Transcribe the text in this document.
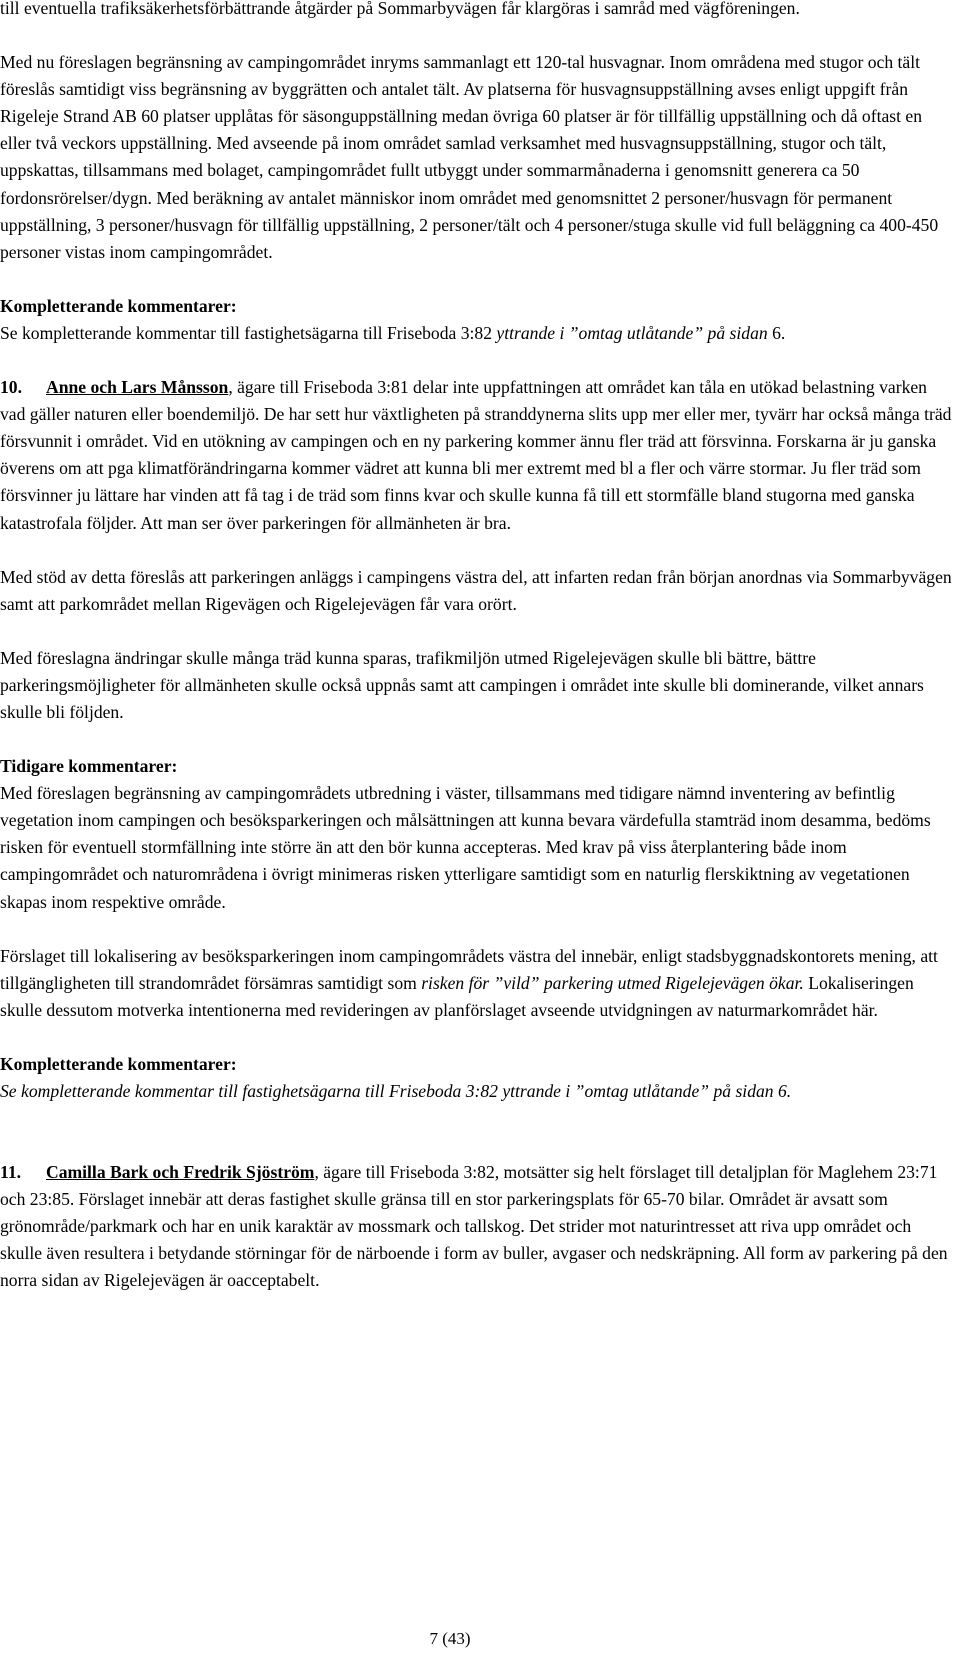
till eventuella trafiksäkerhetsförbättrande åtgärder på Sommarbyvägen får klargöras i samråd med vägföreningen.

Med nu föreslagen begränsning av campingområdet inryms sammanlagt ett 120-tal husvagnar. Inom områdena med stugor och tält föreslås samtidigt viss begränsning av byggrätten och antalet tält. Av platserna för husvagnsuppställning avses enligt uppgift från Rigeleje Strand AB 60 platser upplåtas för säsonguppställning medan övriga 60 platser är för tillfällig uppställning och då oftast en eller två veckors uppställning. Med avseende på inom området samlad verksamhet med husvagnsuppställning, stugor och tält, uppskattas, tillsammans med bolaget, campingområdet fullt utbyggt under sommarmånaderna i genomsnitt generera ca 50 fordonsrörelser/dygn. Med beräkning av antalet människor inom området med genomsnittet 2 personer/husvagn för permanent uppställning, 3 personer/husvagn för tillfällig uppställning, 2 personer/tält och 4 personer/stuga skulle vid full beläggning ca 400-450 personer vistas inom campingområdet.

Kompletterande kommentarer:

Se kompletterande kommentar till fastighetsägarna till Friseboda 3:82 yttrande i ”omtag utlåtande” på sidan 6.

10. Anne och Lars Månsson, ägare till Friseboda 3:81 delar inte uppfattningen att området kan tåla en utökad belastning varken vad gäller naturen eller boendemiljö. De har sett hur växtligheten på stranddynerna slits upp mer eller mer, tyvärr har också många träd försvunnit i området. Vid en utökning av campingen och en ny parkering kommer ännu fler träd att försvinna. Forskarna är ju ganska överens om att pga klimatförändringarna kommer vädret att kunna bli mer extremt med bl a fler och värre stormar. Ju fler träd som försvinner ju lättare har vinden att få tag i de träd som finns kvar och skulle kunna få till ett stormfälle bland stugorna med ganska katastrofala följder. Att man ser över parkeringen för allmänheten är bra.

Med stöd av detta föreslås att parkeringen anläggs i campingens västra del, att infarten redan från början anordnas via Sommarbyvägen samt att parkområdet mellan Rigevägen och Rigelejevägen får vara orört.

Med föreslagna ändringar skulle många träd kunna sparas, trafikmiljön utmed Rigelejevägen skulle bli bättre, bättre parkeringsmöjligheter för allmänheten skulle också uppnås samt att campingen i området inte skulle bli dominerande, vilket annars skulle bli följden.

Tidigare kommentarer:

Med föreslagen begränsning av campingområdets utbredning i väster, tillsammans med tidigare nämnd inventering av befintlig vegetation inom campingen och besöksparkeringen och målsättningen att kunna bevara värdefulla stamträd inom desamma, bedöms risken för eventuell stormfällning inte större än att den bör kunna accepteras. Med krav på viss återplantering både inom campingområdet och naturområdena i övrigt minimeras risken ytterligare samtidigt som en naturlig flerskiktning av vegetationen skapas inom respektive område.

Förslaget till lokalisering av besöksparkeringen inom campingområdets västra del innebär, enligt stadsbyggnadskontorets mening, att tillgängligheten till strandområdet försämras samtidigt som risken för ”vild” parkering utmed Rigelejevägen ökar. Lokaliseringen skulle dessutom motverka intentionerna med revideringen av planförslaget avseende utvidgningen av naturmarkområdet här.

Kompletterande kommentarer:

Se kompletterande kommentar till fastighetsägarna till Friseboda 3:82 yttrande i ”omtag utlåtande” på sidan 6.

11. Camilla Bark och Fredrik Sjöström, ägare till Friseboda 3:82, motsätter sig helt förslaget till detaljplan för Maglehem 23:71 och 23:85. Förslaget innebär att deras fastighet skulle gränsa till en stor parkeringsplats för 65-70 bilar. Området är avsatt som grönområde/parkmark och har en unik karaktär av mossmark och tallskog. Det strider mot naturintresset att riva upp området och skulle även resultera i betydande störningar för de närboende i form av buller, avgaser och nedskräpning. All form av parkering på den norra sidan av Rigelejevägen är oacceptabelt.

7 (43)
